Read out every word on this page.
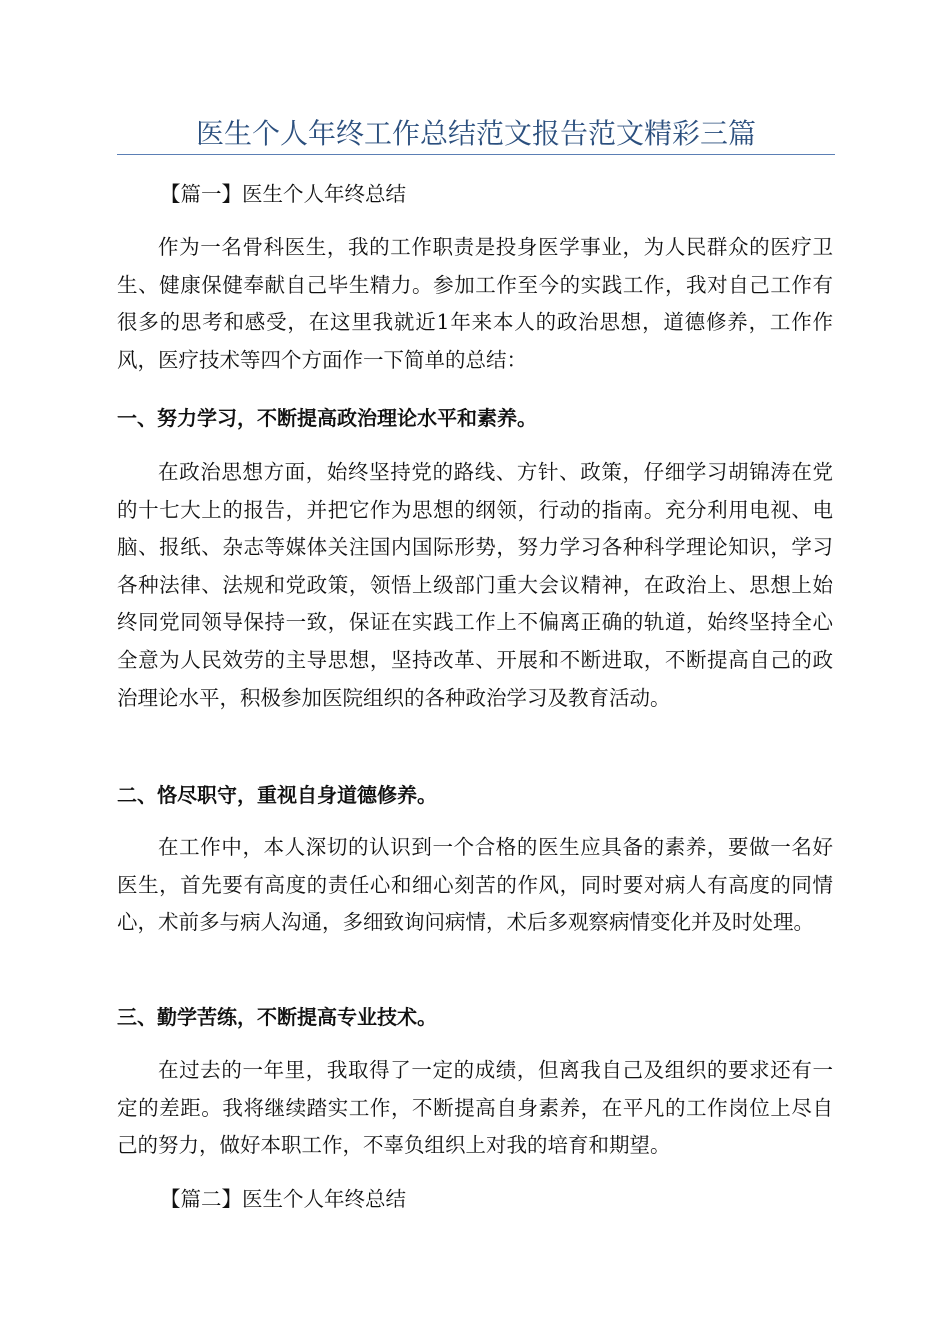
医生个人年终工作总结范文报告范文精彩三篇

【篇一】医生个人年终总结

作为一名骨科医生，我的工作职责是投身医学事业，为人民群众的医疗卫生、健康保健奉献自己毕生精力。参加工作至今的实践工作，我对自己工作有很多的思考和感受，在这里我就近1年来本人的政治思想，道德修养，工作作风，医疗技术等四个方面作一下简单的总结：

一、努力学习，不断提高政治理论水平和素养。

在政治思想方面，始终坚持党的路线、方针、政策，仔细学习胡锦涛在党的十七大上的报告，并把它作为思想的纲领，行动的指南。充分利用电视、电脑、报纸、杂志等媒体关注国内国际形势，努力学习各种科学理论知识，学习各种法律、法规和党政策，领悟上级部门重大会议精神，在政治上、思想上始终同党同领导保持一致，保证在实践工作上不偏离正确的轨道，始终坚持全心全意为人民效劳的主导思想，坚持改革、开展和不断进取，不断提高自己的政治理论水平，积极参加医院组织的各种政治学习及教育活动。

二、恪尽职守，重视自身道德修养。

在工作中，本人深切的认识到一个合格的医生应具备的素养，要做一名好医生，首先要有高度的责任心和细心刻苦的作风，同时要对病人有高度的同情心，术前多与病人沟通，多细致询问病情，术后多观察病情变化并及时处理。

三、勤学苦练，不断提高专业技术。

在过去的一年里，我取得了一定的成绩，但离我自己及组织的要求还有一定的差距。我将继续踏实工作，不断提高自身素养，在平凡的工作岗位上尽自己的努力，做好本职工作，不辜负组织上对我的培育和期望。

【篇二】医生个人年终总结
